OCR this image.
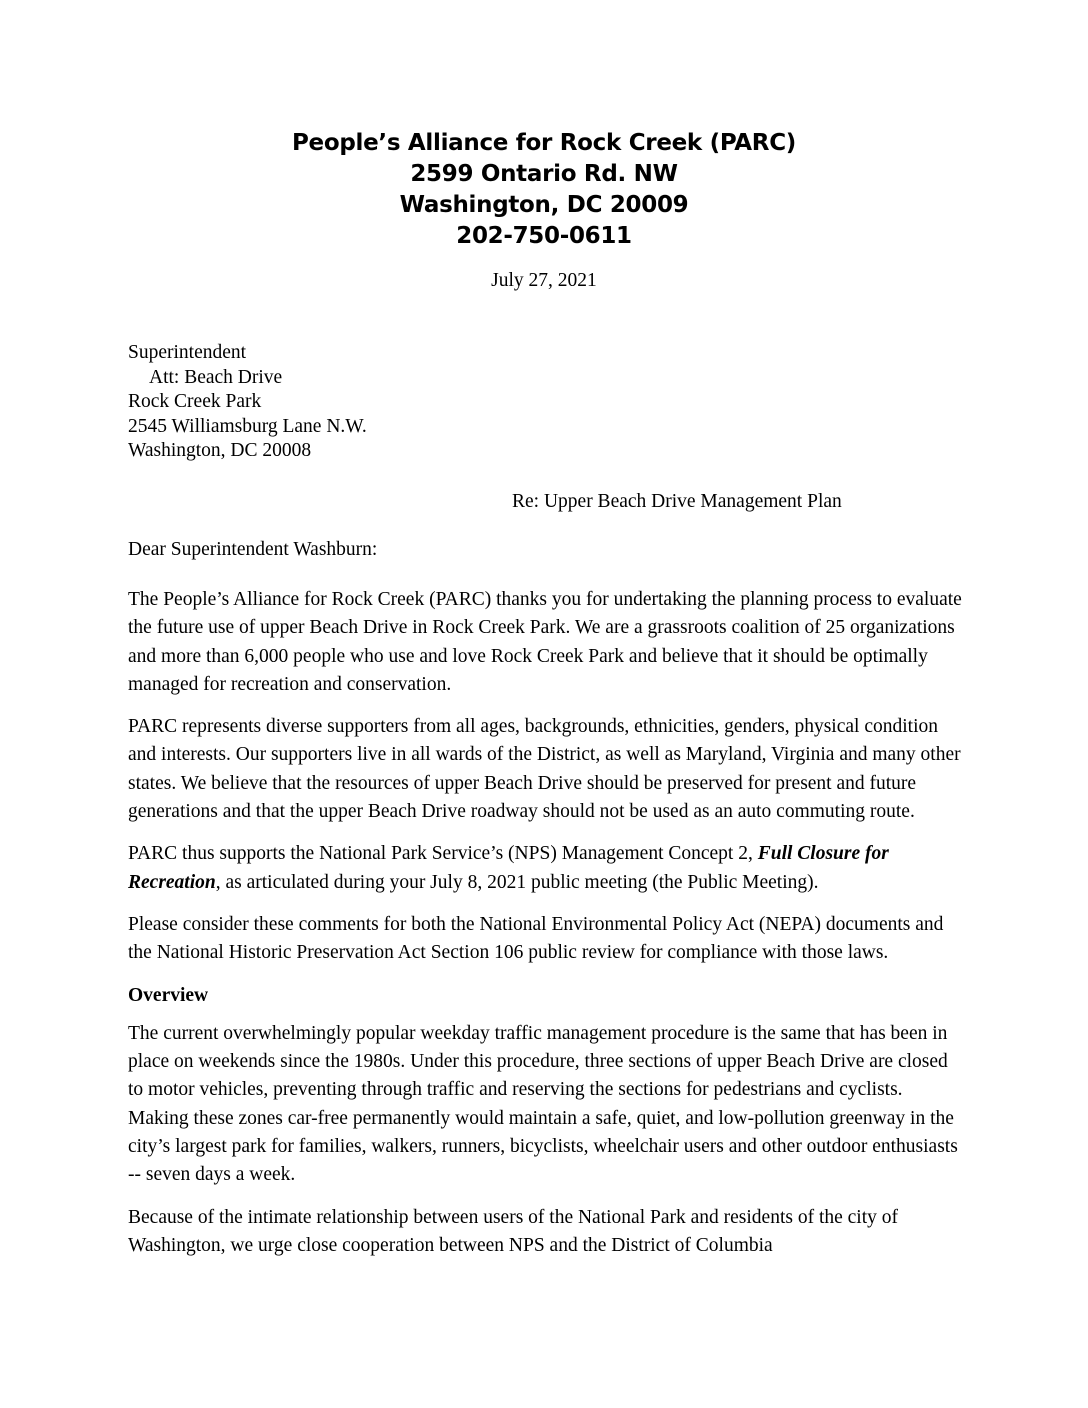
People’s Alliance for Rock Creek (PARC)
2599 Ontario Rd. NW
Washington, DC 20009
202-750-0611
July 27, 2021
Superintendent
Att: Beach Drive
Rock Creek Park
2545 Williamsburg Lane N.W.
Washington, DC 20008
Re: Upper Beach Drive Management Plan
Dear Superintendent Washburn:

The People’s Alliance for Rock Creek (PARC) thanks you for undertaking the planning process to evaluate the future use of upper Beach Drive in Rock Creek Park. We are a grassroots coalition of 25 organizations and more than 6,000 people who use and love Rock Creek Park and believe that it should be optimally managed for recreation and conservation.

PARC represents diverse supporters from all ages, backgrounds, ethnicities, genders, physical condition and interests. Our supporters live in all wards of the District, as well as Maryland, Virginia and many other states. We believe that the resources of upper Beach Drive should be preserved for present and future generations and that the upper Beach Drive roadway should not be used as an auto commuting route.

PARC thus supports the National Park Service’s (NPS) Management Concept 2, Full Closure for Recreation, as articulated during your July 8, 2021 public meeting (the Public Meeting).

Please consider these comments for both the National Environmental Policy Act (NEPA) documents and the National Historic Preservation Act Section 106 public review for compliance with those laws.

Overview

The current overwhelmingly popular weekday traffic management procedure is the same that has been in place on weekends since the 1980s. Under this procedure, three sections of upper Beach Drive are closed to motor vehicles, preventing through traffic and reserving the sections for pedestrians and cyclists. Making these zones car-free permanently would maintain a safe, quiet, and low-pollution greenway in the city’s largest park for families, walkers, runners, bicyclists, wheelchair users and other outdoor enthusiasts -- seven days a week.

Because of the intimate relationship between users of the National Park and residents of the city of Washington, we urge close cooperation between NPS and the District of Columbia
